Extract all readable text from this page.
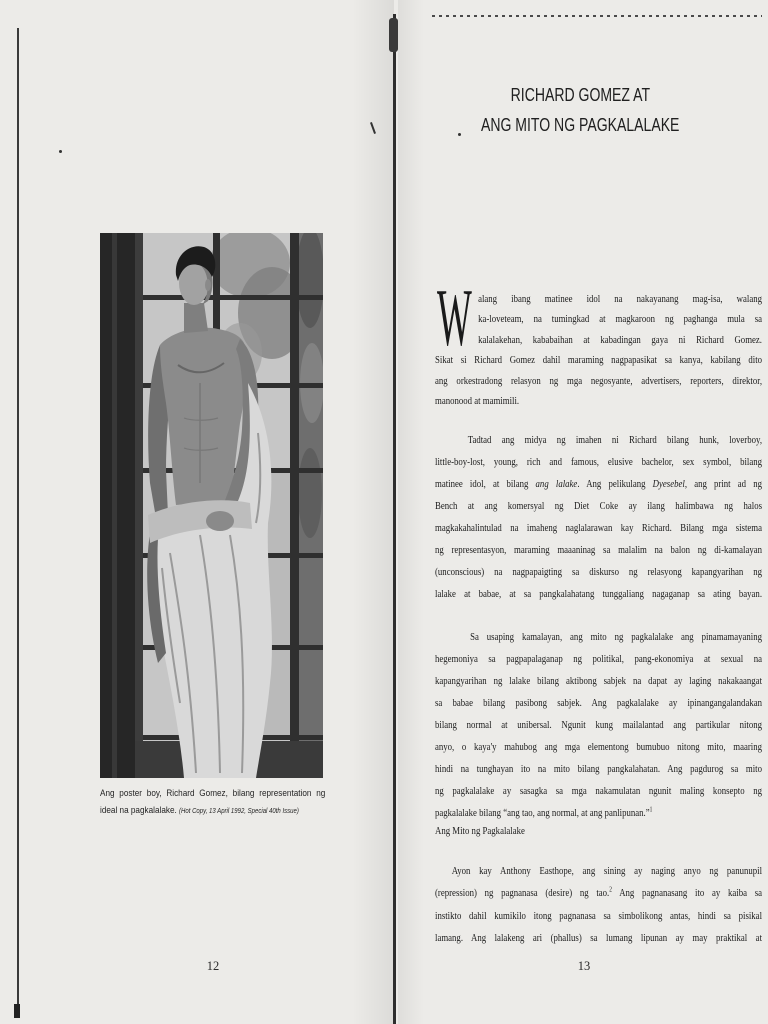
Ang poster boy, Richard Gomez, bilang representation ng
ideal na pagkalalake. (Hot Copy, 13 April 1992, Special 40th Issue)
12
RICHARD GOMEZ AT
ANG MITO NG PAGKALALAKE
W alang ibang matinee idol na nakayanang mag-isa, walang
ka-loveteam, na tumingkad at magkaroon ng paghanga mula sa
kalalakehan, kababaihan at kabadingan gaya ni Richard Gomez.
Sikat si Richard Gomez dahil maraming nagpapasikat sa kanya, kabilang dito
ang orkestradong relasyon ng mga negosyante, advertisers, reporters, direktor,
manonood at mamimili.
Tadtad ang midya ng imahen ni Richard bilang hunk, loverboy,
little-boy-lost, young, rich and famous, elusive bachelor, sex symbol, bilang
matinee idol, at bilang ang lalake. Ang pelikulang Dyesebel, ang print ad ng
Bench at ang komersyal ng Diet Coke ay ilang halimbawa ng halos
magkakahalintulad na imaheng naglalarawan kay Richard. Bilang mga sistema
ng representasyon, maraming maaaninag sa malalim na balon ng di-kamalayan
(unconscious) na nagpapaigting sa diskurso ng relasyong kapangyarihan ng
lalake at babae, at sa pangkalahatang tunggaliang nagaganap sa ating bayan.
Sa usaping kamalayan, ang mito ng pagkalalake ang pinamamayaning
hegemoniya sa pagpapalaganap ng politikal, pang-ekonomiya at sexual na
kapangyarihan ng lalake bilang aktibong sabjek na dapat ay laging nakakaangat
sa babae bilang pasibong sabjek. Ang pagkalalake ay ipinangangalandakan
bilang normal at unibersal. Ngunit kung mailalantad ang partikular nitong
anyo, o kaya'y mahubog ang mga elementong bumubuo nitong mito, maaring
hindi na tunghayan ito na mito bilang pangkalahatan. Ang pagdurog sa mito
ng pagkalalake ay sasagka sa mga nakamulatan ngunit maling konsepto ng
pagkalalake bilang “ang tao, ang normal, at ang panlipunan.”$^1$
Ang Mito ng Pagkalalake
Ayon kay Anthony Easthope, ang sining ay naging anyo ng panunupil
(repression) ng pagnanasa (desire) ng tao.$^2$ Ang pagnanasang ito ay kaiba sa
instikto dahil kumikilo itong pagnanasa sa simbolikong antas, hindi sa pisikal
lamang. Ang lalakeng ari (phallus) sa lumang lipunan ay may praktikal at
13
